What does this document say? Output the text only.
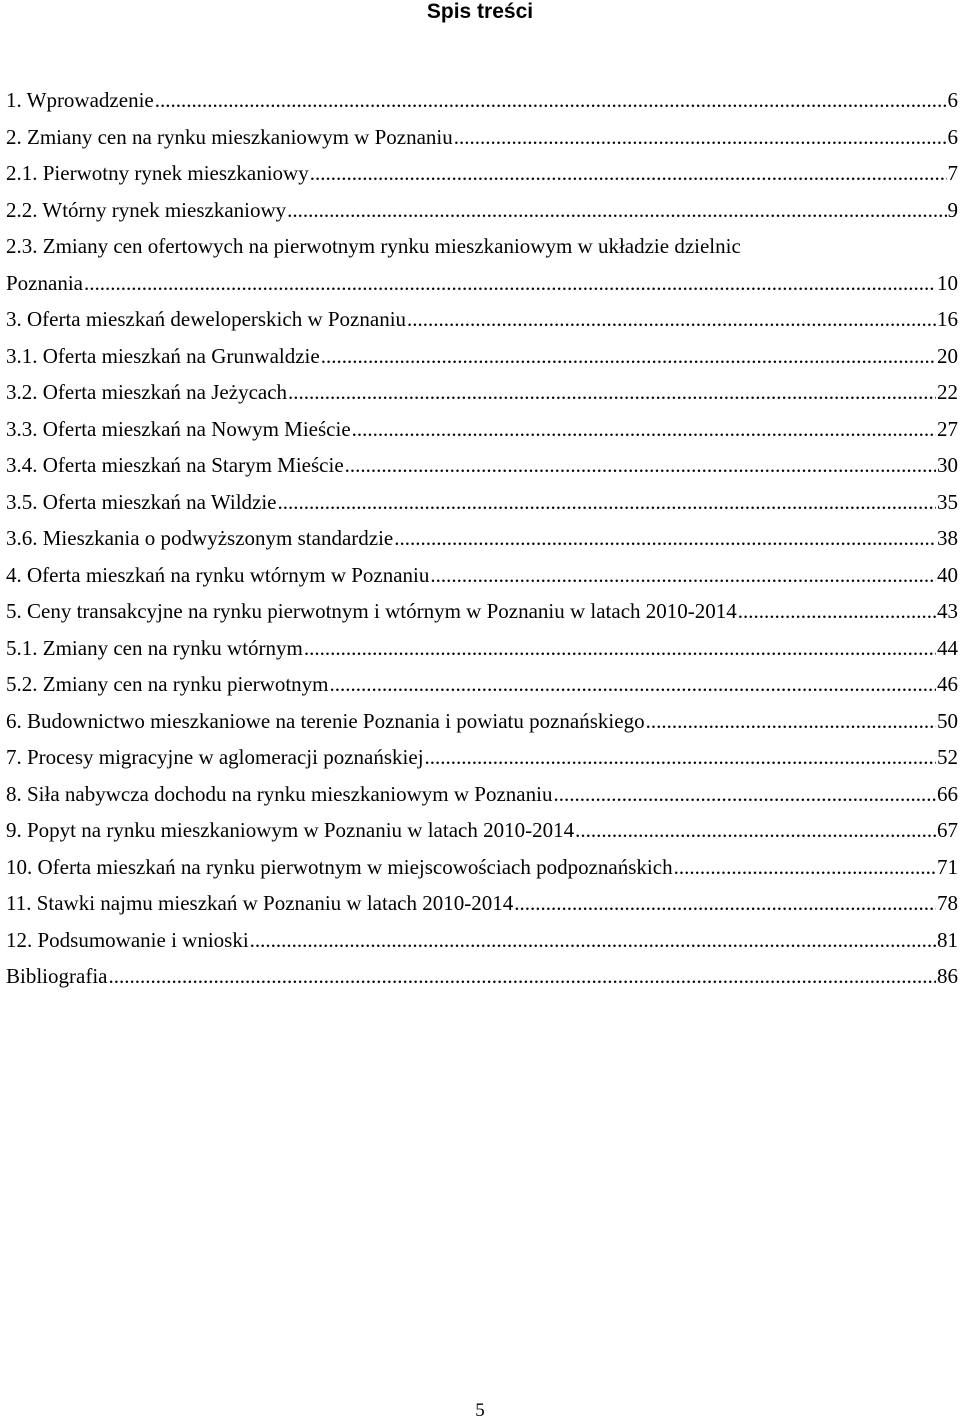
Spis treści
1. Wprowadzenie .....	6
2. Zmiany cen na rynku mieszkaniowym w Poznaniu .....	6
2.1. Pierwotny rynek mieszkaniowy .....	7
2.2. Wtórny rynek mieszkaniowy .....	9
2.3. Zmiany cen ofertowych na pierwotnym rynku mieszkaniowym w układzie dzielnic
Poznania .....	10
3. Oferta mieszkań deweloperskich w Poznaniu .....	16
3.1. Oferta mieszkań na Grunwaldzie .....	20
3.2. Oferta mieszkań na Jeżycach .....	22
3.3. Oferta mieszkań na Nowym Mieście .....	27
3.4. Oferta mieszkań na Starym Mieście .....	30
3.5. Oferta mieszkań na Wildzie .....	35
3.6. Mieszkania o podwyższonym standardzie .....	38
4. Oferta mieszkań na rynku wtórnym w Poznaniu .....	40
5. Ceny transakcyjne na rynku pierwotnym i wtórnym w Poznaniu w latach 2010-2014 .....	43
5.1. Zmiany cen na rynku wtórnym .....	44
5.2. Zmiany cen na rynku pierwotnym .....	46
6. Budownictwo mieszkaniowe na terenie Poznania i powiatu poznańskiego .....	50
7. Procesy migracyjne w aglomeracji poznańskiej .....	52
8. Siła nabywcza dochodu na rynku mieszkaniowym w Poznaniu .....	66
9. Popyt na rynku mieszkaniowym w Poznaniu w latach 2010-2014 .....	67
10. Oferta mieszkań na rynku pierwotnym w miejscowościach podpoznańskich .....	71
11. Stawki najmu mieszkań w Poznaniu w latach 2010-2014 .....	78
12. Podsumowanie i wnioski .....	81
Bibliografia .....	86
5
